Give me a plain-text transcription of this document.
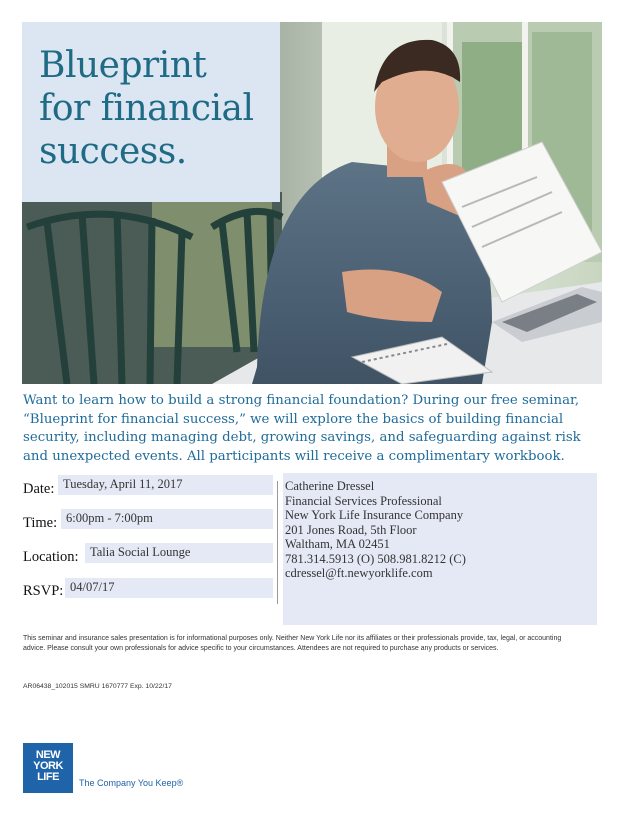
Blueprint
for financial
success.

Want to learn how to build a strong financial foundation? During our free seminar, “Blueprint for financial success,” we will explore the basics of building financial security, including managing debt, growing savings, and safeguarding against risk and unexpected events. All participants will receive a complimentary workbook.

Date: Tuesday, April 11, 2017
Time: 6:00pm - 7:00pm
Location: Talia Social Lounge
RSVP: 04/07/17
Catherine Dressel
Financial Services Professional
New York Life Insurance Company
201 Jones Road, 5th Floor
Waltham, MA 02451
781.314.5913 (O) 508.981.8212 (C)
cdressel@ft.newyorklife.com

This seminar and insurance sales presentation is for informational purposes only. Neither New York Life nor its affiliates or their professionals provide, tax, legal, or accounting advice. Please consult your own professionals for advice specific to your circumstances. Attendees are not required to purchase any products or services.

AR06438_102015 SMRU 1670777 Exp. 10/22/17
NEW
YORK
LIFE	The Company You Keep®
